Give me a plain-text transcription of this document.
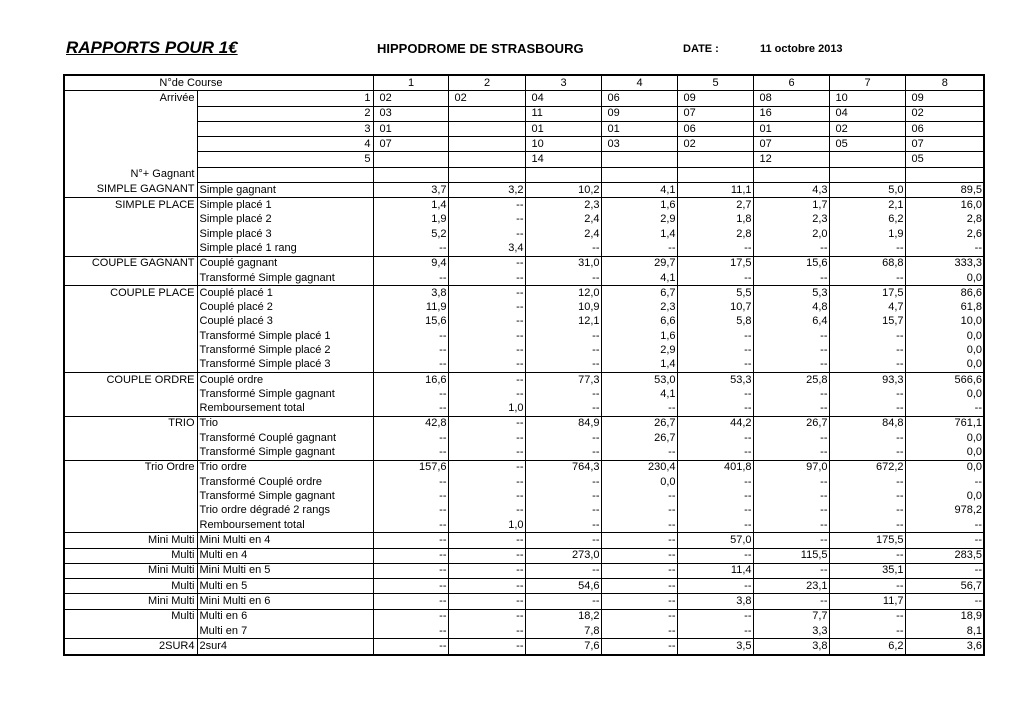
RAPPORTS POUR 1€	HIPPODROME DE STRASBOURG	DATE :	11 octobre 2013
N°de Course			1	2	3	4	5	6	7	8
Arrivée		1	02	02	04	06	09	08	10	09
		2	03		11	09	07	16	04	02
		3	01		01	01	06	01	02	06
		4	07		10	03	02	07	05	07
		5			14			12		05
N°+ Gagnant										
SIMPLE GAGNANT	Simple gagnant		3,7	3,2	10,2	4,1	11,1	4,3	5,0	89,5
SIMPLE PLACE	Simple placé 1		1,4	--	2,3	1,6	2,7	1,7	2,1	16,0
	Simple placé 2		1,9	--	2,4	2,9	1,8	2,3	6,2	2,8
	Simple placé 3		5,2	--	2,4	1,4	2,8	2,0	1,9	2,6
	Simple placé 1 rang		--	3,4	--	--	--	--	--	--
COUPLE GAGNANT	Couplé gagnant		9,4	--	31,0	29,7	17,5	15,6	68,8	333,3
	Transformé Simple gagnant		--	--	--	4,1	--	--	--	0,0
COUPLE PLACE	Couplé placé 1		3,8	--	12,0	6,7	5,5	5,3	17,5	86,6
	Couplé placé 2		11,9	--	10,9	2,3	10,7	4,8	4,7	61,8
	Couplé placé 3		15,6	--	12,1	6,6	5,8	6,4	15,7	10,0
	Transformé Simple placé 1		--	--	--	1,6	--	--	--	0,0
	Transformé Simple placé 2		--	--	--	2,9	--	--	--	0,0
	Transformé Simple placé 3		--	--	--	1,4	--	--	--	0,0
COUPLE ORDRE	Couplé ordre		16,6	--	77,3	53,0	53,3	25,8	93,3	566,6
	Transformé Simple gagnant		--	--	--	4,1	--	--	--	0,0
	Remboursement total		--	1,0	--	--	--	--	--	--
TRIO	Trio		42,8	--	84,9	26,7	44,2	26,7	84,8	761,1
	Transformé Couplé gagnant		--	--	--	26,7	--	--	--	0,0
	Transformé Simple gagnant		--	--	--	--	--	--	--	0,0
Trio Ordre	Trio ordre		157,6	--	764,3	230,4	401,8	97,0	672,2	0,0
	Transformé Couplé ordre		--	--	--	0,0	--	--	--	--
	Transformé Simple gagnant		--	--	--	--	--	--	--	0,0
	Trio ordre dégradé 2 rangs		--	--	--	--	--	--	--	978,2
	Remboursement total		--	1,0	--	--	--	--	--	--
Mini Multi	Mini Multi en 4		--	--	--	--	57,0	--	175,5	--
Multi	Multi en 4		--	--	273,0	--	--	115,5	--	283,5
Mini Multi	Mini Multi en 5		--	--	--	--	11,4	--	35,1	--
Multi	Multi en 5		--	--	54,6	--	--	23,1	--	56,7
Mini Multi	Mini Multi en 6		--	--	--	--	3,8	--	11,7	--
Multi	Multi en 6		--	--	18,2	--	--	7,7	--	18,9
	Multi en 7		--	--	7,8	--	--	3,3	--	8,1
2SUR4	2sur4		--	--	7,6	--	3,5	3,8	6,2	3,6
